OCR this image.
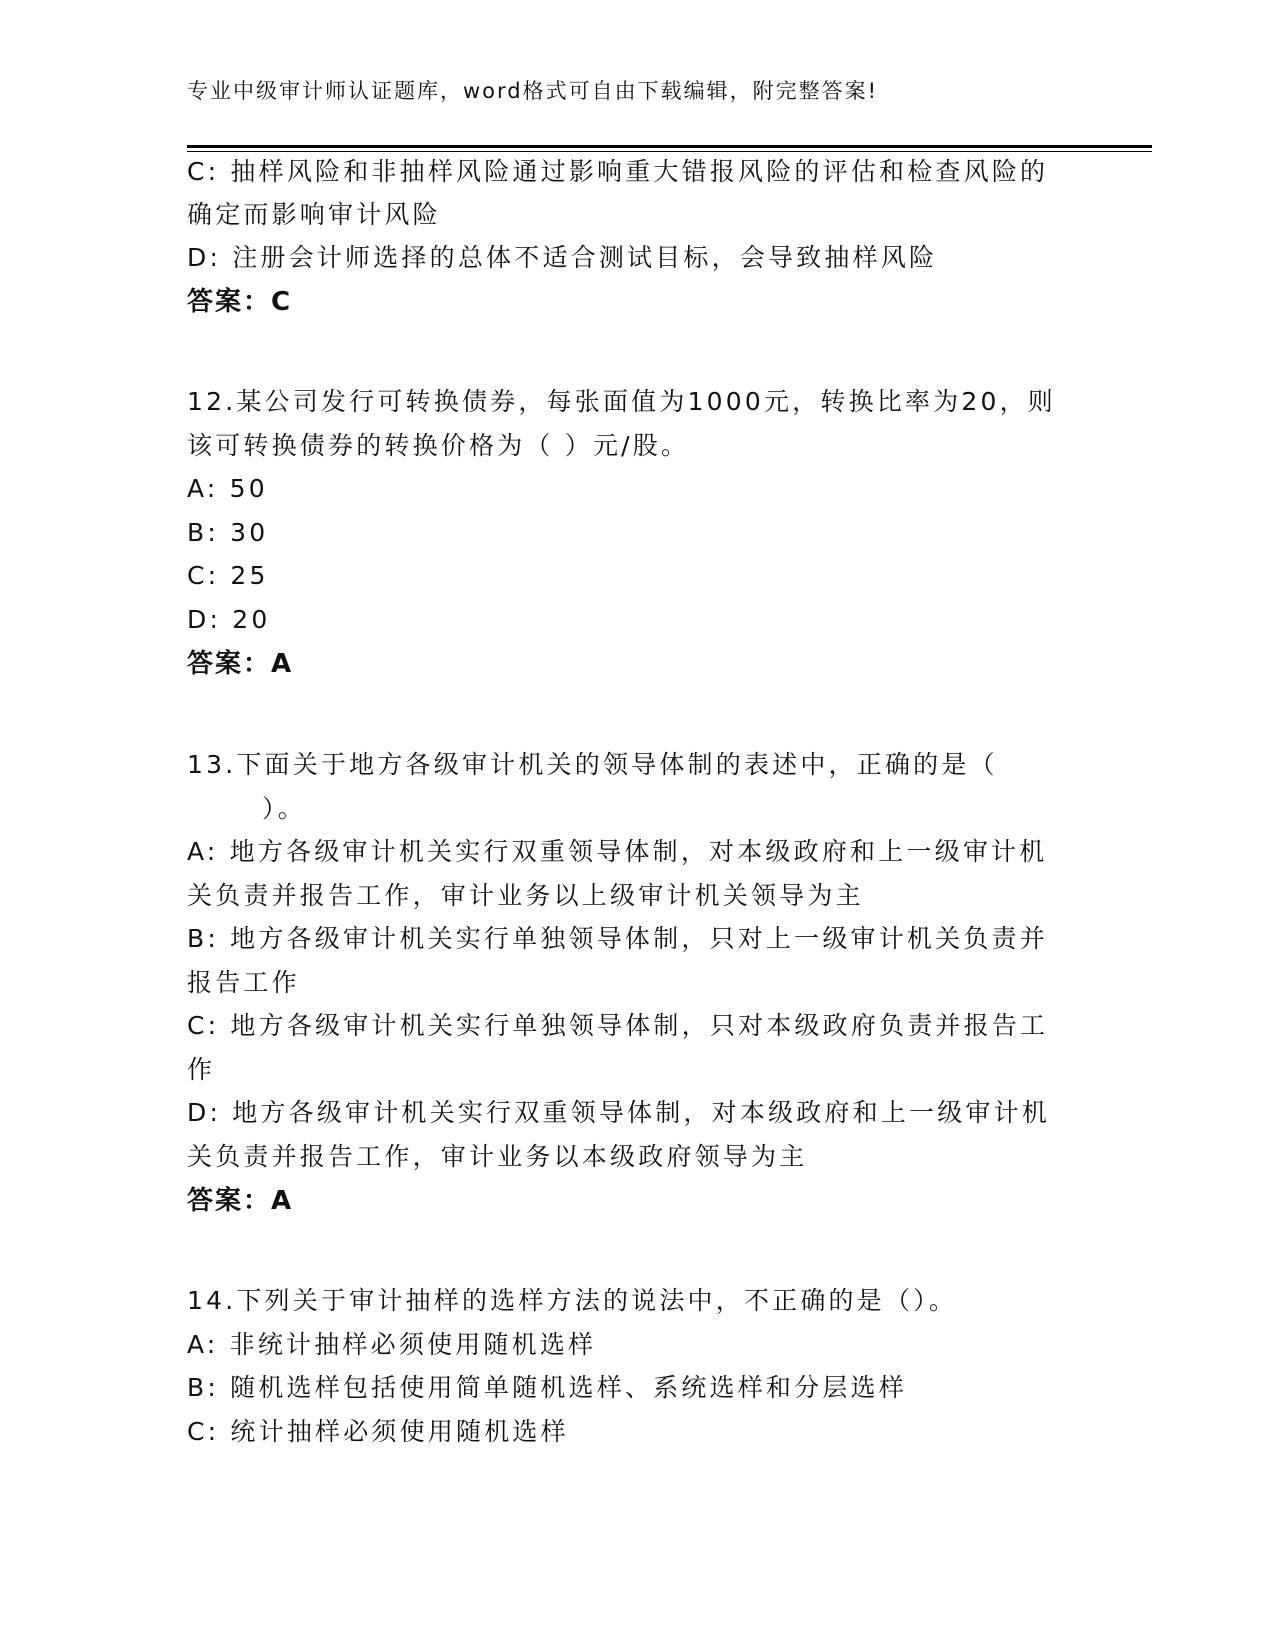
专业中级审计师认证题库，word格式可自由下载编辑，附完整答案!
C: 抽样风险和非抽样风险通过影响重大错报风险的评估和检查风险的
确定而影响审计风险
D: 注册会计师选择的总体不适合测试目标，会导致抽样风险
答案：C
12.某公司发行可转换债券，每张面值为1000元，转换比率为20，则
该可转换债券的转换价格为（ ）元/股。
A: 50
B: 30
C: 25
D: 20
答案：A
13.下面关于地方各级审计机关的领导体制的表述中，正确的是（
）。
A: 地方各级审计机关实行双重领导体制，对本级政府和上一级审计机
关负责并报告工作，审计业务以上级审计机关领导为主
B: 地方各级审计机关实行单独领导体制，只对上一级审计机关负责并
报告工作
C: 地方各级审计机关实行单独领导体制，只对本级政府负责并报告工
作
D: 地方各级审计机关实行双重领导体制，对本级政府和上一级审计机
关负责并报告工作，审计业务以本级政府领导为主
答案：A
14.下列关于审计抽样的选样方法的说法中，不正确的是（）。
A: 非统计抽样必须使用随机选样
B: 随机选样包括使用简单随机选样、系统选样和分层选样
C: 统计抽样必须使用随机选样
